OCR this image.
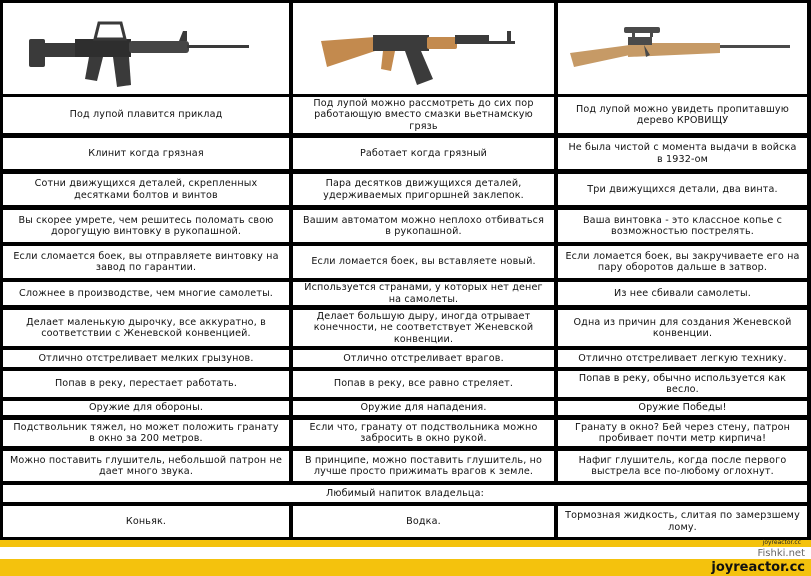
Под лупой плавится приклад
Клинит когда грязная
Сотни движущихся деталей, скрепленных десятками болтов и винтов
Вы скорее умрете, чем решитесь поломать свою дорогущую винтовку в рукопашной.
Если сломается боек, вы отправляете винтовку на завод по гарантии.
Сложнее в производстве, чем многие самолеты.
Делает маленькую дырочку, все аккуратно, в соответствии с Женевской конвенцией.
Отлично отстреливает мелких грызунов.
Попав в реку, перестает работать.
Оружие для обороны.
Подствольник тяжел, но может положить гранату в окно за 200 метров.
Можно поставить глушитель, небольшой патрон не дает много звука.
Коньяк.
Под лупой можно рассмотреть до сих пор работающую вместо смазки вьетнамскую грязь
Работает когда грязный
Пара десятков движущихся деталей, удерживаемых пригоршней заклепок.
Вашим автоматом можно неплохо отбиваться в рукопашной.
Если ломается боек, вы вставляете новый.
Используется странами, у которых нет денег на самолеты.
Делает большую дыру, иногда отрывает конечности, не соответствует Женевской конвенции.
Отлично отстреливает врагов.
Попав в реку, все равно стреляет.
Оружие для нападения.
Если что, гранату от подствольника можно забросить в окно рукой.
В принципе, можно поставить глушитель, но лучше просто прижимать врагов к земле.
Водка.
Под лупой можно увидеть пропитавшую дерево КРОВИЩУ
Не была чистой с момента выдачи в войска в 1932-ом
Три движущихся детали, два винта.
Ваша винтовка - это классное копье с возможностью пострелять.
Если ломается боек, вы закручиваете его на пару оборотов дальше в затвор.
Из нее сбивали самолеты.
Одна из причин для создания Женевской конвенции.
Отлично отстреливает легкую технику.
Попав в реку, обычно используется как весло.
Оружие Победы!
Гранату в окно? Бей через стену, патрон пробивает почти метр кирпича!
Нафиг глушитель, когда после первого выстрела все по-любому оглохнут.
Тормозная жидкость, слитая по замерзшему лому.
Любимый напиток владельца:
joyreactor.cc
Fishki.net
joyreactor.cc
